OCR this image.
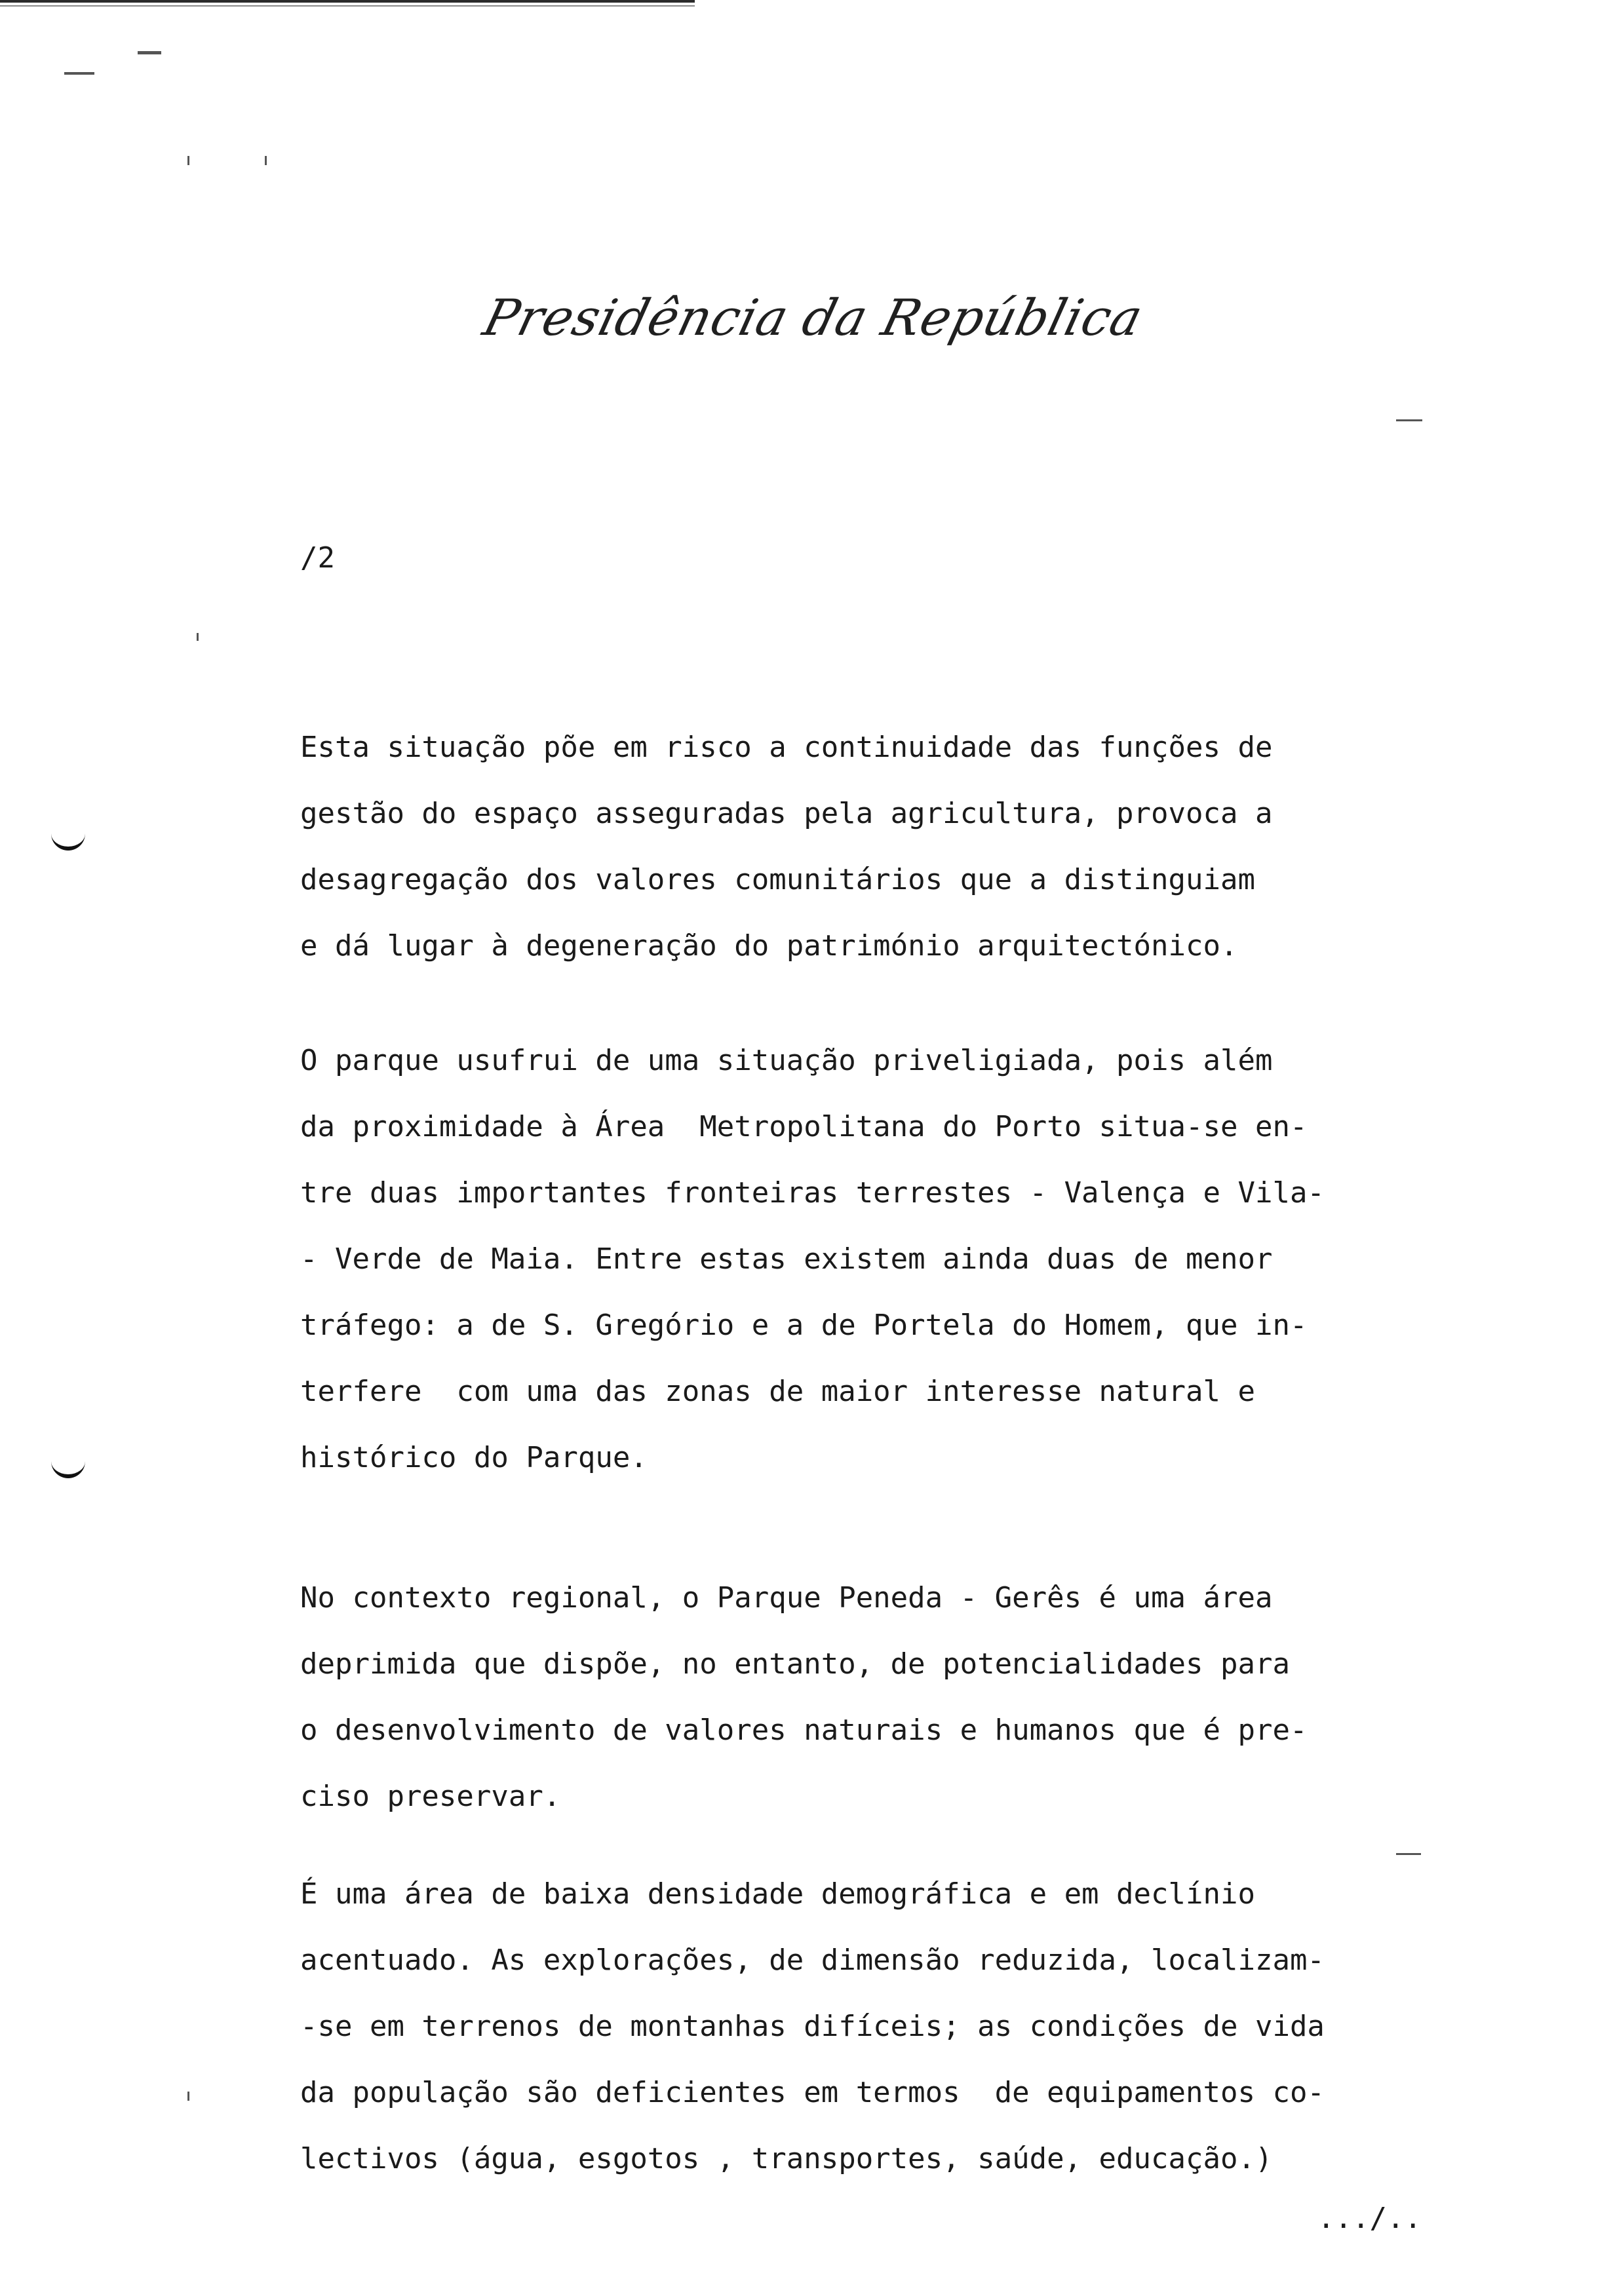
Presidência da República
/2
Esta situação põe em risco a continuidade das funções de
gestão do espaço asseguradas pela agricultura, provoca a
desagregação dos valores comunitários que a distinguiam
e dá lugar à degeneração do património arquitectónico.
O parque usufrui de uma situação priveligiada, pois além
da proximidade à Área  Metropolitana do Porto situa-se en-
tre duas importantes fronteiras terrestes - Valença e Vila-
- Verde de Maia. Entre estas existem ainda duas de menor
tráfego: a de S. Gregório e a de Portela do Homem, que in-
terfere  com uma das zonas de maior interesse natural e
histórico do Parque.
No contexto regional, o Parque Peneda - Gerês é uma área
deprimida que dispõe, no entanto, de potencialidades para
o desenvolvimento de valores naturais e humanos que é pre-
ciso preservar.
É uma área de baixa densidade demográfica e em declínio
acentuado. As explorações, de dimensão reduzida, localizam-
-se em terrenos de montanhas difíceis; as condições de vida
da população são deficientes em termos  de equipamentos co-
lectivos (água, esgotos , transportes, saúde, educação.)
.../..
